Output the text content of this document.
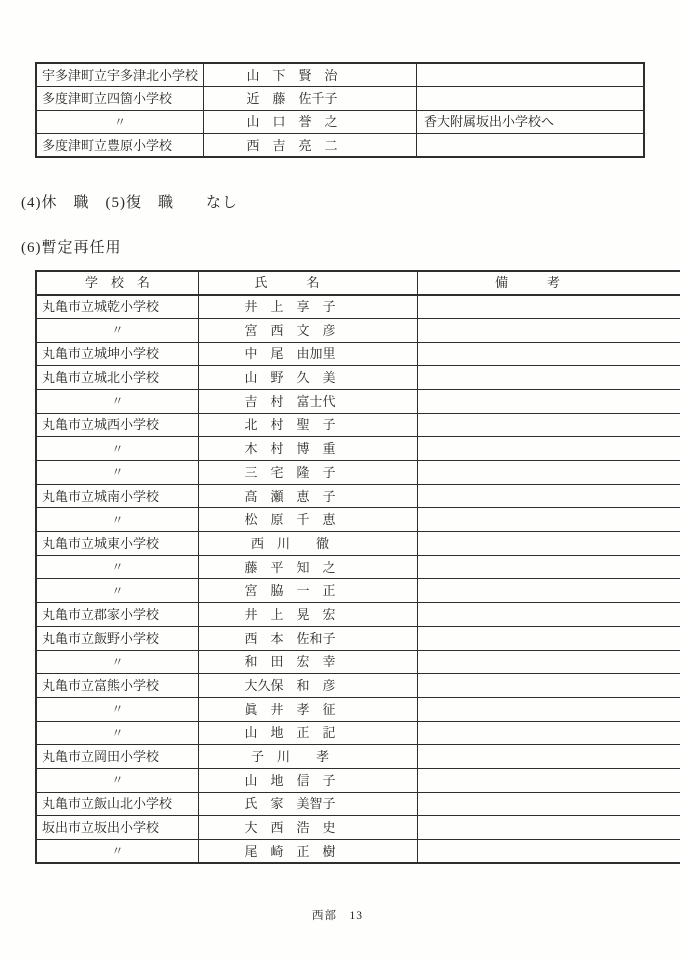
宇多津町立宇多津北小学校	山　下　賢　治	
多度津町立四箇小学校	近　藤　佐千子	
〃	山　口　誉　之	香大附属坂出小学校へ
多度津町立豊原小学校	西　吉　亮　二	
(4)休　職　(5)復　職　　なし
(6)暫定再任用
学　校　名	氏　　　名	備　　　考
丸亀市立城乾小学校	井　上　享　子	
〃	宮　西　文　彦	
丸亀市立城坤小学校	中　尾　由加里	
丸亀市立城北小学校	山　野　久　美	
〃	吉　村　富士代	
丸亀市立城西小学校	北　村　聖　子	
〃	木　村　博　重	
〃	三　宅　隆　子	
丸亀市立城南小学校	高　瀬　恵　子	
〃	松　原　千　恵	
丸亀市立城東小学校	西　川　　徹	
〃	藤　平　知　之	
〃	宮　脇　一　正	
丸亀市立郡家小学校	井　上　晃　宏	
丸亀市立飯野小学校	西　本　佐和子	
〃	和　田　宏　幸	
丸亀市立富熊小学校	大久保　和　彦	
〃	眞　井　孝　征	
〃	山　地　正　記	
丸亀市立岡田小学校	子　川　　孝	
〃	山　地　信　子	
丸亀市立飯山北小学校	氏　家　美智子	
坂出市立坂出小学校	大　西　浩　史	
〃	尾　崎　正　樹	
西部　13
